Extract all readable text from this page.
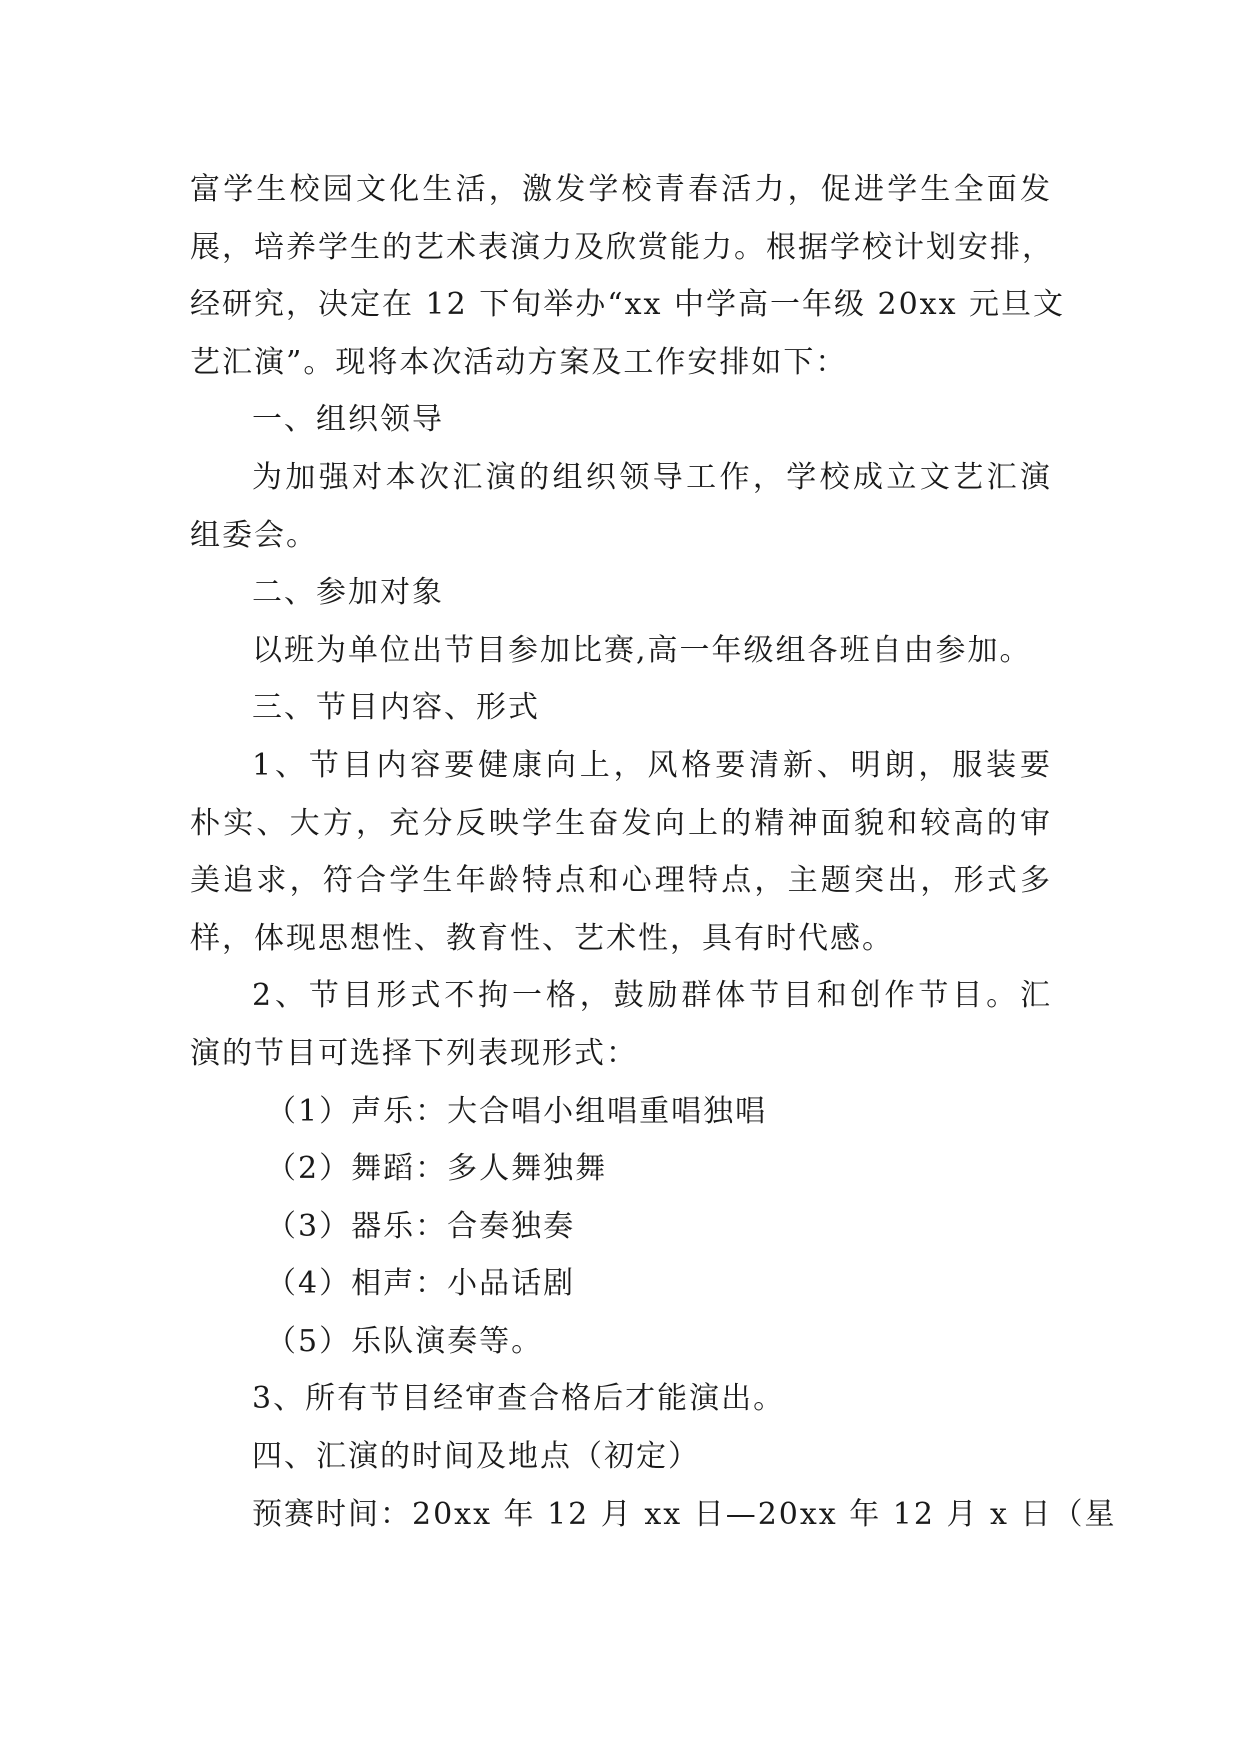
富学生校园文化生活，激发学校青春活力，促进学生全面发
展，培养学生的艺术表演力及欣赏能力。根据学校计划安排，
经研究，决定在 12 下旬举办“xx 中学高一年级 20xx 元旦文
艺汇演”。现将本次活动方案及工作安排如下：
一、组织领导
为加强对本次汇演的组织领导工作，学校成立文艺汇演
组委会。
二、参加对象
以班为单位出节目参加比赛,高一年级组各班自由参加。
三、节目内容、形式
1、节目内容要健康向上，风格要清新、明朗，服装要
朴实、大方，充分反映学生奋发向上的精神面貌和较高的审
美追求，符合学生年龄特点和心理特点，主题突出，形式多
样，体现思想性、教育性、艺术性，具有时代感。
2、节目形式不拘一格，鼓励群体节目和创作节目。汇
演的节目可选择下列表现形式：
（1）声乐：大合唱小组唱重唱独唱
（2）舞蹈：多人舞独舞
（3）器乐：合奏独奏
（4）相声：小品话剧
（5）乐队演奏等。
3、所有节目经审查合格后才能演出。
四、汇演的时间及地点（初定）
预赛时间：20xx 年 12 月 xx 日—20xx 年 12 月 x 日（星
